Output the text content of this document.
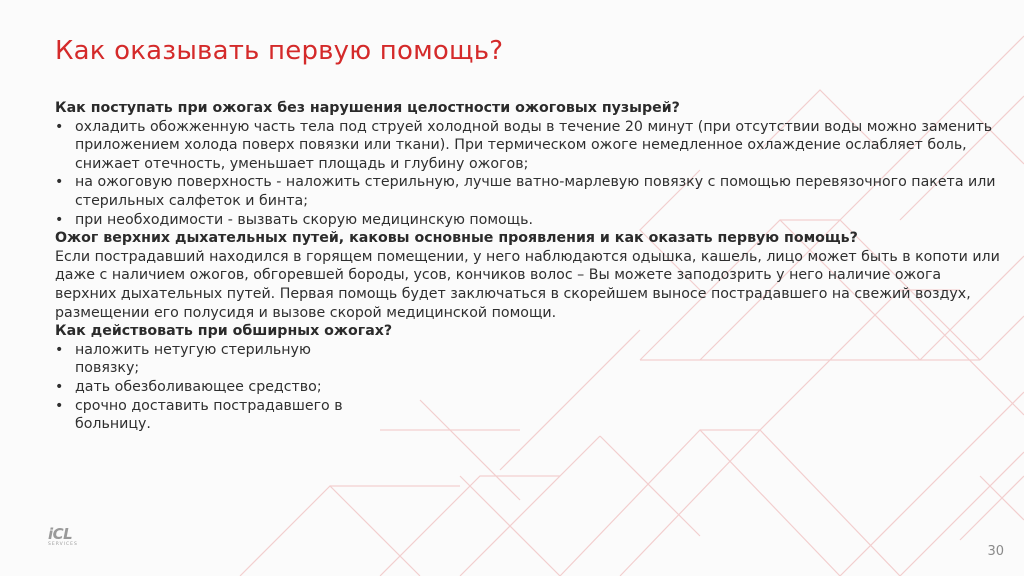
Как оказывать первую помощь?

Как поступать при ожогах без нарушения целостности ожоговых пузырей?

• охладить обожженную часть тела под струей холодной воды в течение 20 минут (при отсутствии воды можно заменить приложением холода поверх повязки или ткани). При термическом ожоге немедленное охлаждение ослабляет боль, снижает отечность, уменьшает площадь и глубину ожогов;
• на ожоговую поверхность - наложить стерильную, лучше ватно-марлевую повязку с помощью перевязочного пакета или стерильных салфеток и бинта;
• при необходимости - вызвать скорую медицинскую помощь.

Ожог верхних дыхательных путей, каковы основные проявления и как оказать первую помощь?

Если пострадавший находился в горящем помещении, у него наблюдаются одышка, кашель, лицо может быть в копоти или даже с наличием ожогов, обгоревшей бороды, усов, кончиков волос – Вы можете заподозрить у него наличие ожога верхних дыхательных путей. Первая помощь будет заключаться в скорейшем выносе пострадавшего на свежий воздух, размещении его полусидя и вызове скорой медицинской помощи.

Как действовать при обширных ожогах?

• наложить нетугую стерильную повязку;
• дать обезболивающее средство;
• срочно доставить пострадавшего в больницу.
iCL
SERVICES	30
